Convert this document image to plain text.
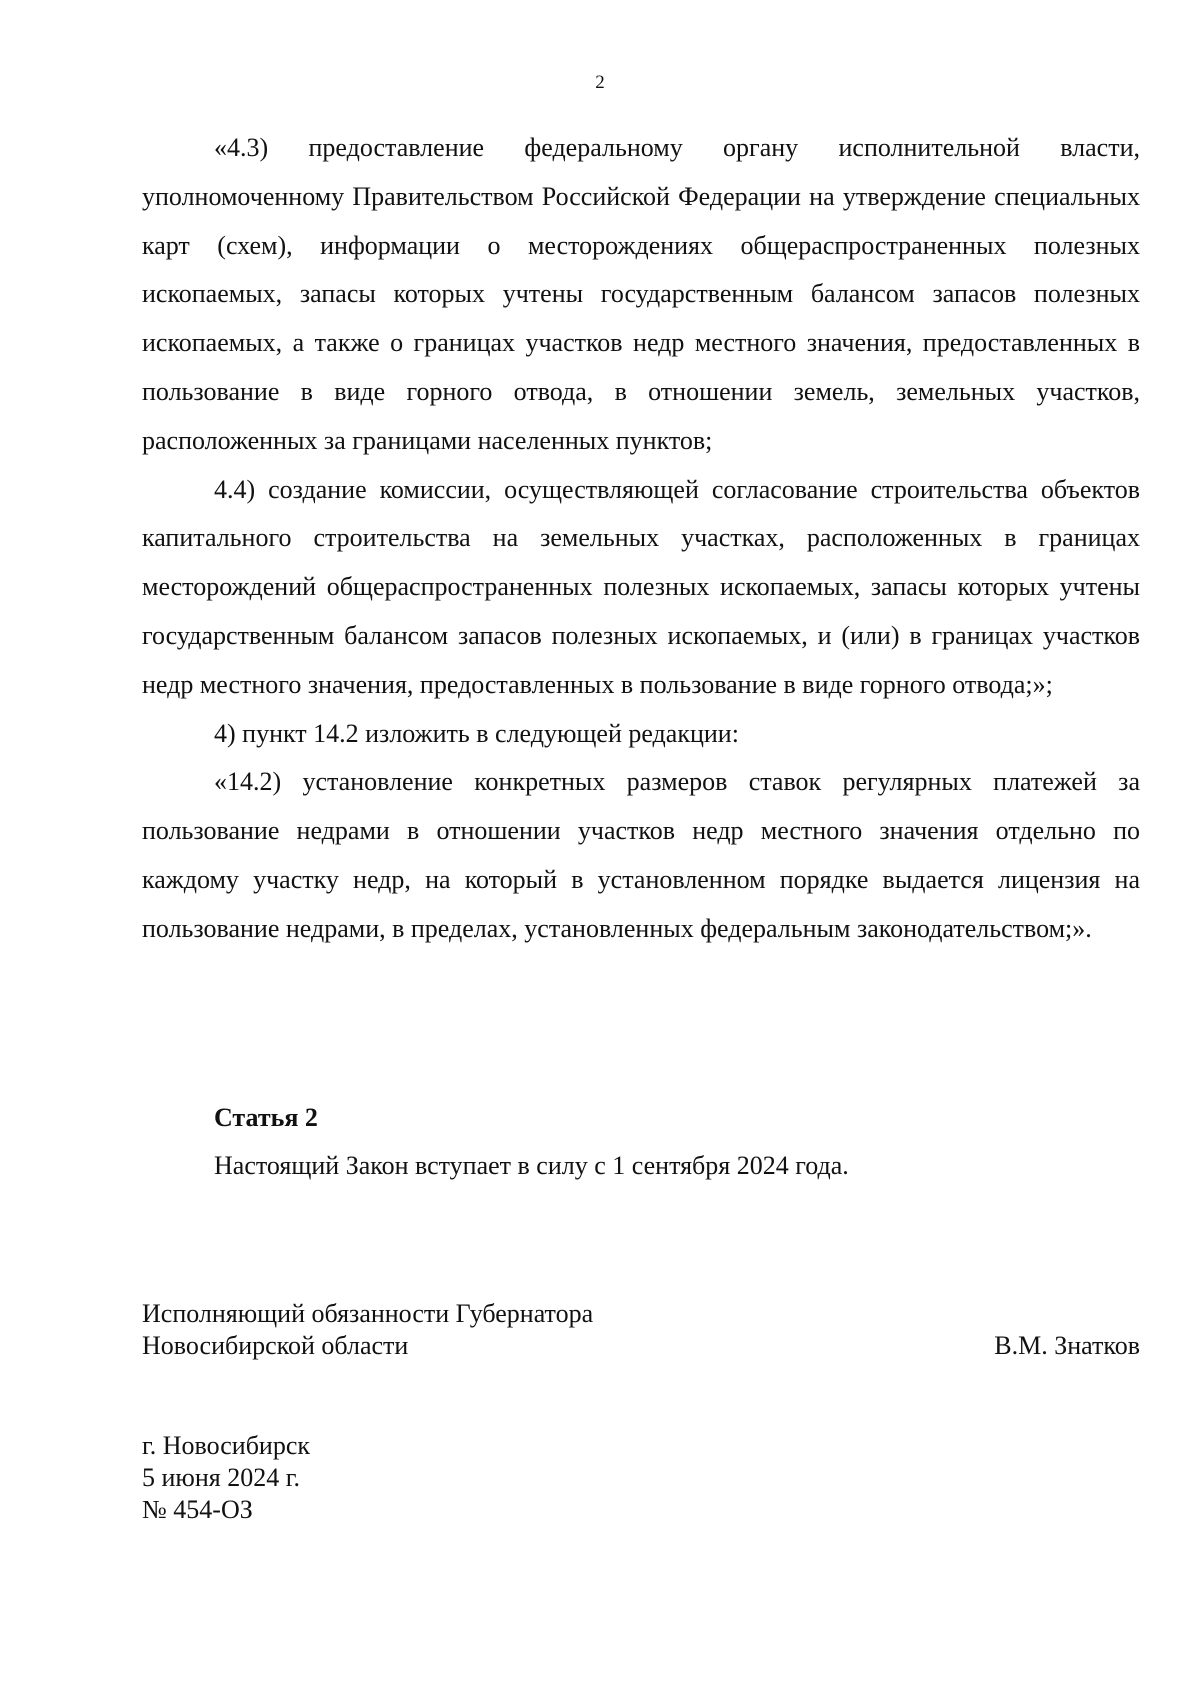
2

«4.3) предоставление федеральному органу исполнительной власти, уполномоченному Правительством Российской Федерации на утверждение специальных карт (схем), информации о месторождениях общераспространенных полезных ископаемых, запасы которых учтены государственным балансом запасов полезных ископаемых, а также о границах участков недр местного значения, предоставленных в пользование в виде горного отвода, в отношении земель, земельных участков, расположенных за границами населенных пунктов;

4.4) создание комиссии, осуществляющей согласование строительства объектов капитального строительства на земельных участках, расположенных в границах месторождений общераспространенных полезных ископаемых, запасы которых учтены государственным балансом запасов полезных ископаемых, и (или) в границах участков недр местного значения, предоставленных в пользование в виде горного отвода;»;

4) пункт 14.2 изложить в следующей редакции:

«14.2) установление конкретных размеров ставок регулярных платежей за пользование недрами в отношении участков недр местного значения отдельно по каждому участку недр, на который в установленном порядке выдается лицензия на пользование недрами, в пределах, установленных федеральным законодательством;».

Статья 2

Настоящий Закон вступает в силу с 1 сентября 2024 года.

Исполняющий обязанности Губернатора
Новосибирской области	В.М. Знатков
г. Новосибирск
5 июня 2024 г.
№ 454-ОЗ
